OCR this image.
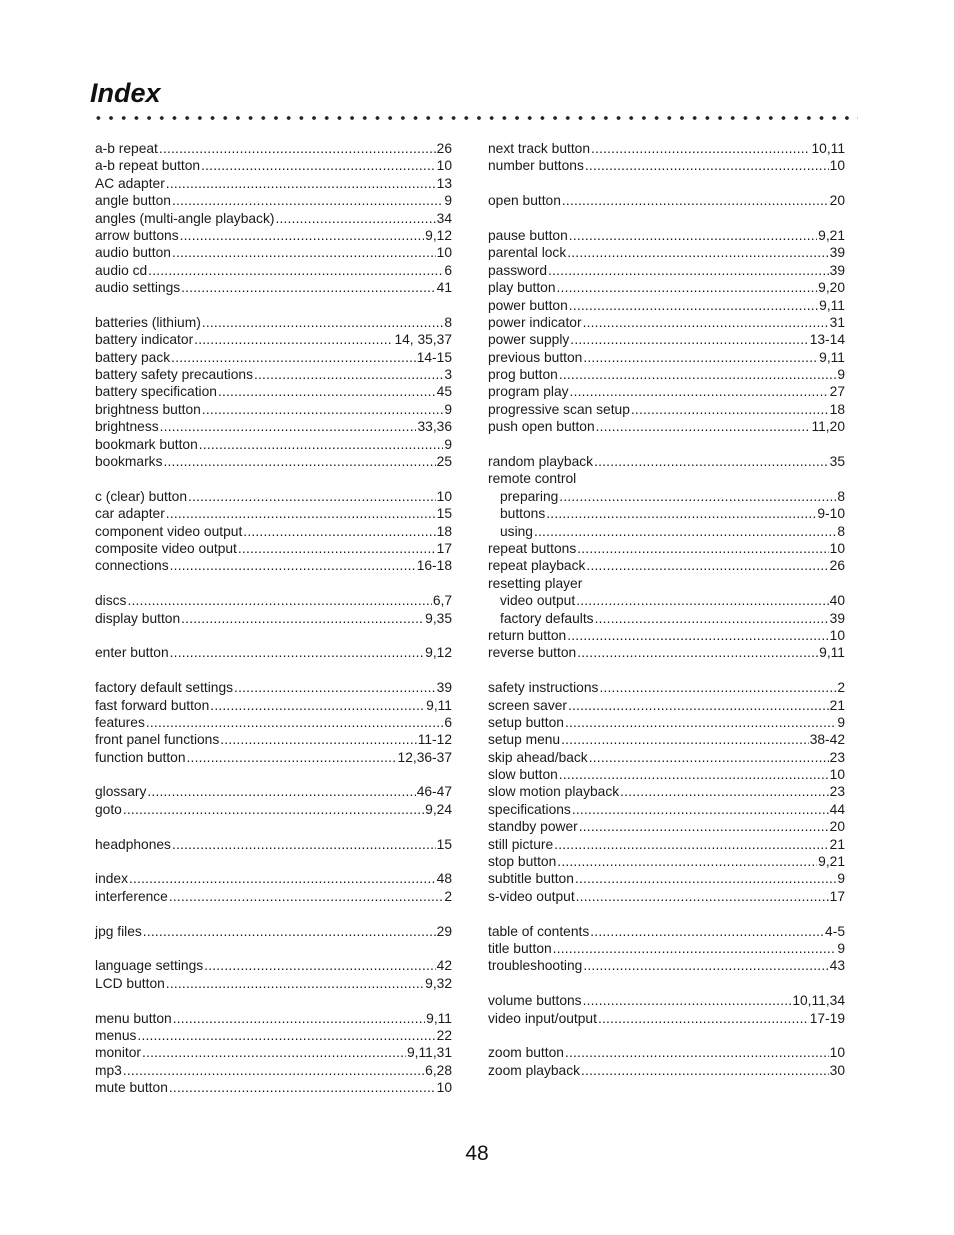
Index
a-b repeat .....	26
a-b repeat button .....	10
AC adapter .....	13
angle button .....	9
angles (multi-angle playback) .....	34
arrow buttons .....	9,12
audio button .....	10
audio cd .....	6
audio settings .....	41
batteries (lithium) .....	8
battery indicator .....	14, 35,37
battery pack .....	14-15
battery safety precautions .....	3
battery specification .....	45
brightness button .....	9
brightness .....	33,36
bookmark button .....	9
bookmarks .....	25
c (clear) button .....	10
car adapter .....	15
component video output .....	18
composite video output .....	17
connections .....	16-18
discs .....	6,7
display button .....	9,35
enter button .....	9,12
factory default settings .....	39
fast forward button .....	9,11
features .....	6
front panel functions .....	11-12
function button .....	12,36-37
glossary .....	46-47
goto .....	9,24
headphones .....	15
index .....	48
interference .....	2
jpg files .....	29
language settings .....	42
LCD button .....	9,32
menu button .....	9,11
menus .....	22
monitor .....	9,11,31
mp3 .....	6,28
mute button .....	10
next track button .....	10,11
number buttons .....	10
open button .....	20
pause button .....	9,21
parental lock .....	39
password .....	39
play button .....	9,20
power button .....	9,11
power indicator .....	31
power supply .....	13-14
previous button .....	9,11
prog button .....	9
program play .....	27
progressive scan setup .....	18
push open button .....	11,20
random playback .....	35
remote control
preparing .....	8
buttons .....	9-10
using .....	8
repeat buttons .....	10
repeat playback .....	26
resetting player
video output .....	40
factory defaults .....	39
return button .....	10
reverse button .....	9,11
safety instructions .....	2
screen saver .....	21
setup button .....	9
setup menu .....	38-42
skip ahead/back .....	23
slow button .....	10
slow motion playback .....	23
specifications .....	44
standby power .....	20
still picture .....	21
stop button .....	9,21
subtitle button .....	9
s-video output .....	17
table of contents .....	4-5
title button .....	9
troubleshooting .....	43
volume buttons .....	10,11,34
video input/output .....	17-19
zoom button .....	10
zoom playback .....	30
48
